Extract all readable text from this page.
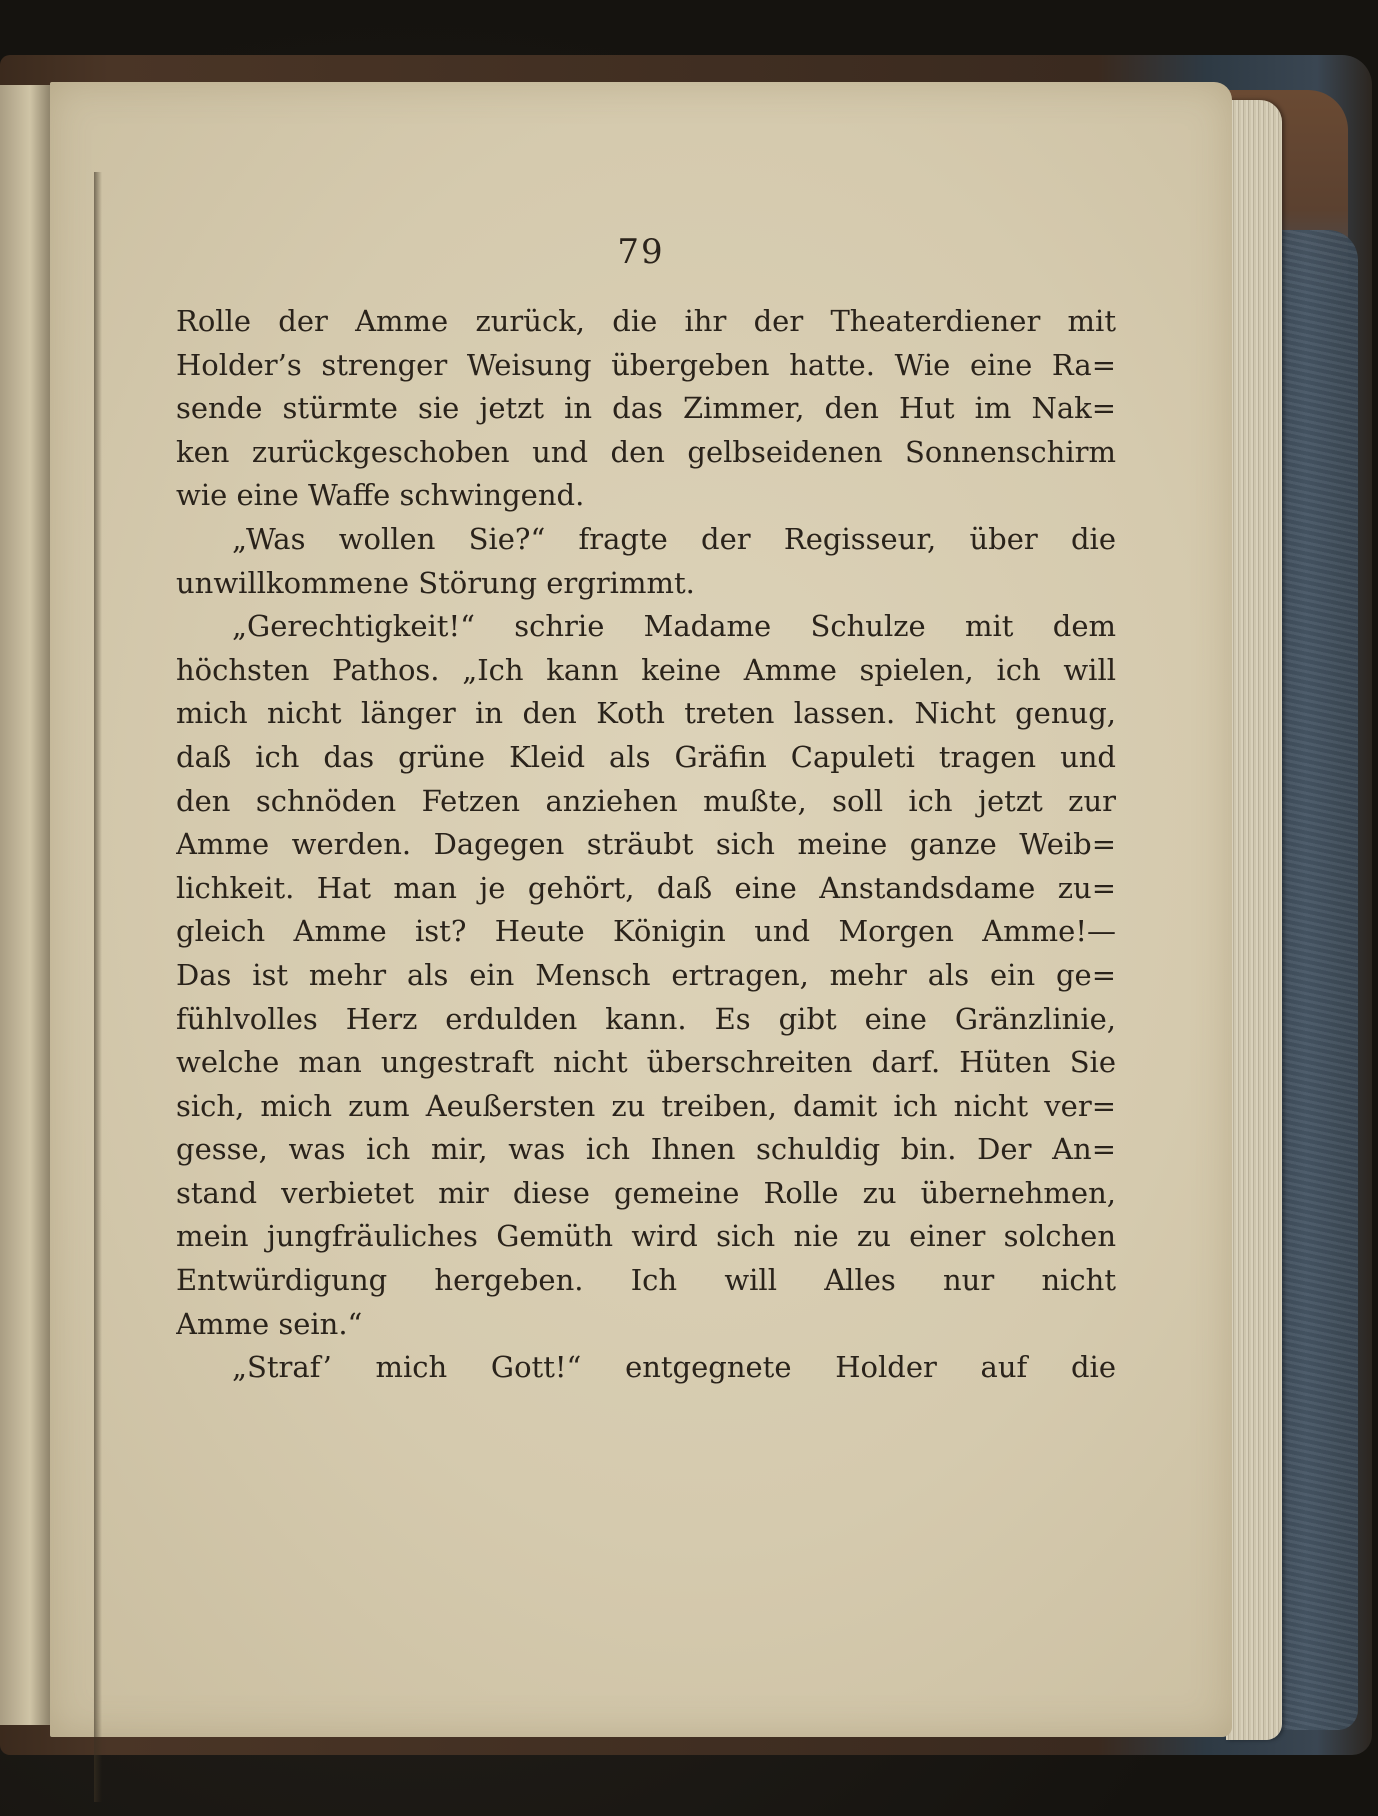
79
Rolle der Amme zurück, die ihr der Theaterdiener mit
Holder’s strenger Weisung übergeben hatte. Wie eine Ra=
sende stürmte sie jetzt in das Zimmer, den Hut im Nak=
ken zurückgeschoben und den gelbseidenen Sonnenschirm
wie eine Waffe schwingend.
„Was wollen Sie?“ fragte der Regisseur, über die
unwillkommene Störung ergrimmt.
„Gerechtigkeit!“ schrie Madame Schulze mit dem
höchsten Pathos. „Ich kann keine Amme spielen, ich will
mich nicht länger in den Koth treten lassen. Nicht genug,
daß ich das grüne Kleid als Gräfin Capuleti tragen und
den schnöden Fetzen anziehen mußte, soll ich jetzt zur
Amme werden. Dagegen sträubt sich meine ganze Weib=
lichkeit. Hat man je gehört, daß eine Anstandsdame zu=
gleich Amme ist? Heute Königin und Morgen Amme!—
Das ist mehr als ein Mensch ertragen, mehr als ein ge=
fühlvolles Herz erdulden kann. Es gibt eine Gränzlinie,
welche man ungestraft nicht überschreiten darf. Hüten Sie
sich, mich zum Aeußersten zu treiben, damit ich nicht ver=
gesse, was ich mir, was ich Ihnen schuldig bin. Der An=
stand verbietet mir diese gemeine Rolle zu übernehmen,
mein jungfräuliches Gemüth wird sich nie zu einer solchen
Entwürdigung hergeben. Ich will Alles nur nicht
Amme sein.“
„Straf’ mich Gott!“ entgegnete Holder auf die
